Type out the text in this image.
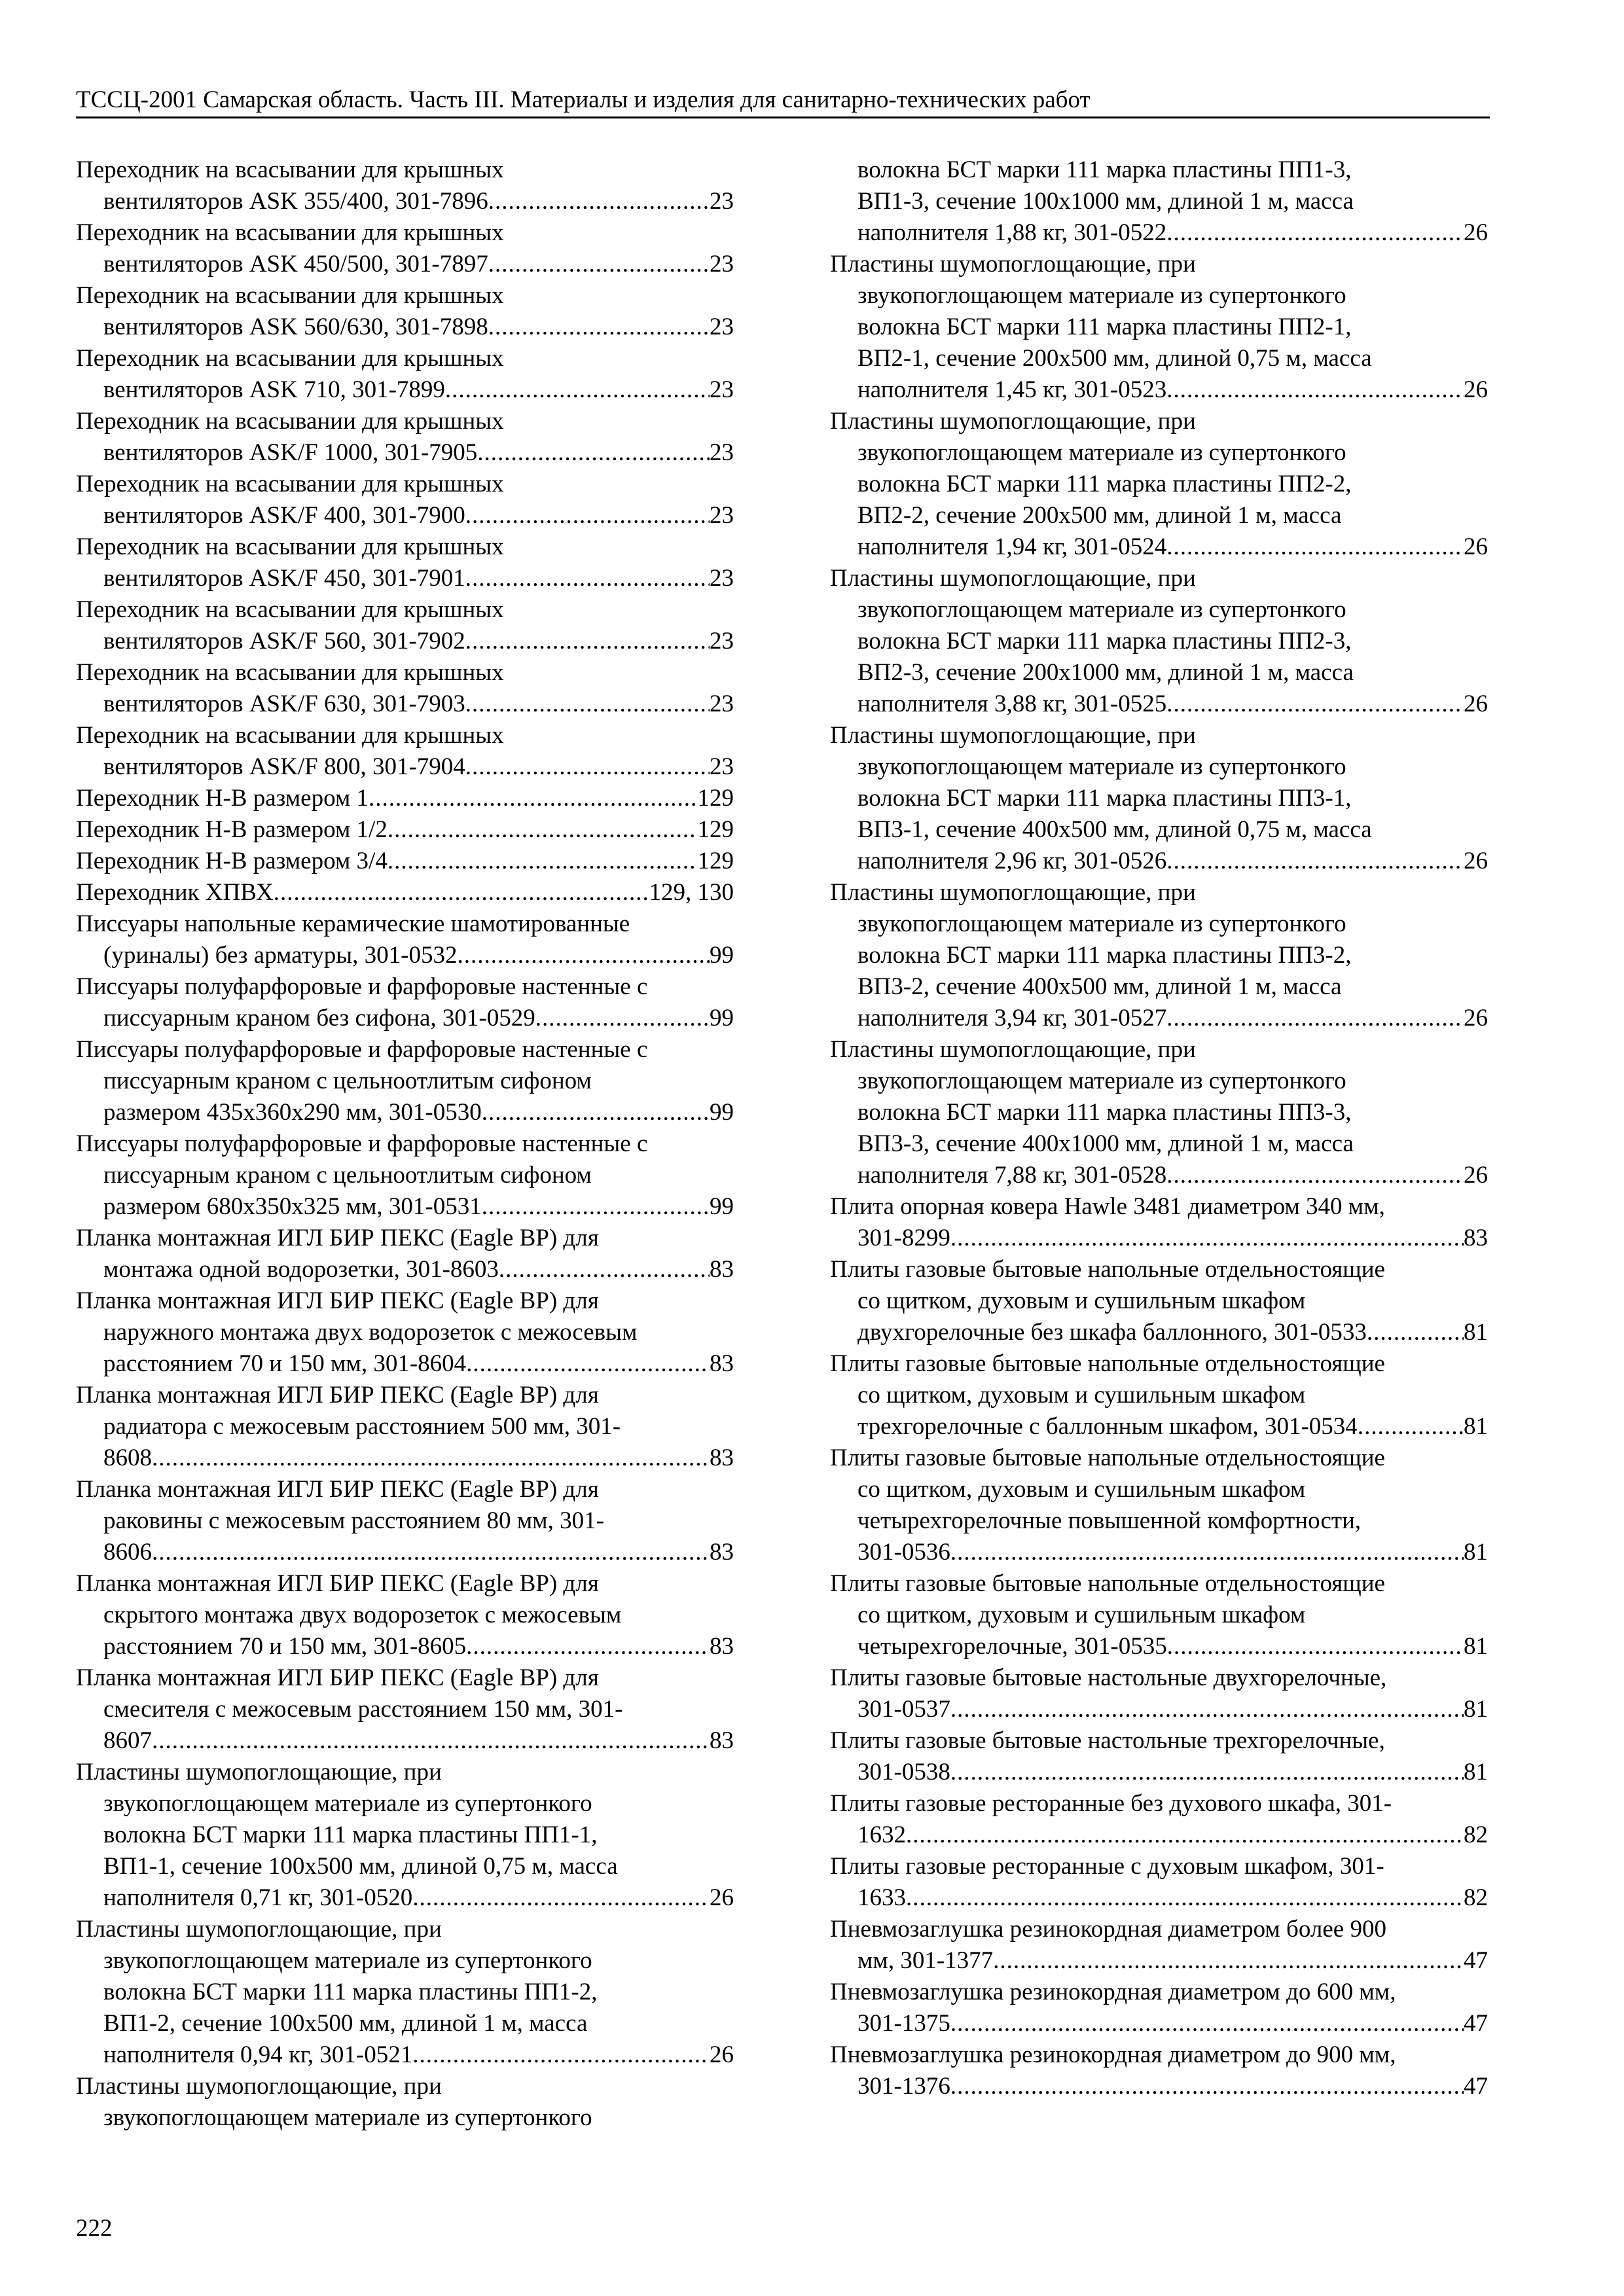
ТССЦ-2001 Самарская область. Часть III. Материалы и изделия для санитарно-технических работ
Переходник на всасывании для крышных
вентиляторов ASK 355/400, 301-7896 .....	23
Переходник на всасывании для крышных
вентиляторов ASK 450/500, 301-7897 .....	23
Переходник на всасывании для крышных
вентиляторов ASK 560/630, 301-7898 .....	23
Переходник на всасывании для крышных
вентиляторов ASK 710, 301-7899 .....	23
Переходник на всасывании для крышных
вентиляторов ASK/F 1000, 301-7905 .....	23
Переходник на всасывании для крышных
вентиляторов ASK/F 400, 301-7900 .....	23
Переходник на всасывании для крышных
вентиляторов ASK/F 450, 301-7901 .....	23
Переходник на всасывании для крышных
вентиляторов ASK/F 560, 301-7902 .....	23
Переходник на всасывании для крышных
вентиляторов ASK/F 630, 301-7903 .....	23
Переходник на всасывании для крышных
вентиляторов ASK/F 800, 301-7904 .....	23
Переходник Н-В размером 1 .....	129
Переходник Н-В размером 1/2 .....	129
Переходник Н-В размером 3/4 .....	129
Переходник ХПВХ .....	129, 130
Писсуары напольные керамические шамотированные
(уриналы) без арматуры, 301-0532 .....	99
Писсуары полуфарфоровые и фарфоровые настенные с
писсуарным краном без сифона, 301-0529 .....	99
Писсуары полуфарфоровые и фарфоровые настенные с
писсуарным краном с цельноотлитым сифоном
размером 435х360х290 мм, 301-0530 .....	99
Писсуары полуфарфоровые и фарфоровые настенные с
писсуарным краном с цельноотлитым сифоном
размером 680х350х325 мм, 301-0531 .....	99
Планка монтажная ИГЛ БИР ПЕКС (Eagle BP) для
монтажа одной водорозетки, 301-8603 .....	83
Планка монтажная ИГЛ БИР ПЕКС (Eagle BP) для
наружного монтажа двух водорозеток с межосевым
расстоянием 70 и 150 мм, 301-8604 .....	83
Планка монтажная ИГЛ БИР ПЕКС (Eagle BP) для
радиатора с межосевым расстоянием 500 мм, 301-
8608 .....	83
Планка монтажная ИГЛ БИР ПЕКС (Eagle BP) для
раковины с межосевым расстоянием 80 мм, 301-
8606 .....	83
Планка монтажная ИГЛ БИР ПЕКС (Eagle BP) для
скрытого монтажа двух водорозеток с межосевым
расстоянием 70 и 150 мм, 301-8605 .....	83
Планка монтажная ИГЛ БИР ПЕКС (Eagle BP) для
смесителя с межосевым расстоянием 150 мм, 301-
8607 .....	83
Пластины шумопоглощающие, при
звукопоглощающем материале из супертонкого
волокна БСТ марки 111 марка пластины ПП1-1,
ВП1-1, сечение 100х500 мм, длиной 0,75 м, масса
наполнителя 0,71 кг, 301-0520 .....	26
Пластины шумопоглощающие, при
звукопоглощающем материале из супертонкого
волокна БСТ марки 111 марка пластины ПП1-2,
ВП1-2, сечение 100х500 мм, длиной 1 м, масса
наполнителя 0,94 кг, 301-0521 .....	26
Пластины шумопоглощающие, при
звукопоглощающем материале из супертонкого
волокна БСТ марки 111 марка пластины ПП1-3,
ВП1-3, сечение 100х1000 мм, длиной 1 м, масса
наполнителя 1,88 кг, 301-0522 .....	26
Пластины шумопоглощающие, при
звукопоглощающем материале из супертонкого
волокна БСТ марки 111 марка пластины ПП2-1,
ВП2-1, сечение 200х500 мм, длиной 0,75 м, масса
наполнителя 1,45 кг, 301-0523 .....	26
Пластины шумопоглощающие, при
звукопоглощающем материале из супертонкого
волокна БСТ марки 111 марка пластины ПП2-2,
ВП2-2, сечение 200х500 мм, длиной 1 м, масса
наполнителя 1,94 кг, 301-0524 .....	26
Пластины шумопоглощающие, при
звукопоглощающем материале из супертонкого
волокна БСТ марки 111 марка пластины ПП2-3,
ВП2-3, сечение 200х1000 мм, длиной 1 м, масса
наполнителя 3,88 кг, 301-0525 .....	26
Пластины шумопоглощающие, при
звукопоглощающем материале из супертонкого
волокна БСТ марки 111 марка пластины ПП3-1,
ВП3-1, сечение 400х500 мм, длиной 0,75 м, масса
наполнителя 2,96 кг, 301-0526 .....	26
Пластины шумопоглощающие, при
звукопоглощающем материале из супертонкого
волокна БСТ марки 111 марка пластины ПП3-2,
ВП3-2, сечение 400х500 мм, длиной 1 м, масса
наполнителя 3,94 кг, 301-0527 .....	26
Пластины шумопоглощающие, при
звукопоглощающем материале из супертонкого
волокна БСТ марки 111 марка пластины ПП3-3,
ВП3-3, сечение 400х1000 мм, длиной 1 м, масса
наполнителя 7,88 кг, 301-0528 .....	26
Плита опорная ковера Hawle 3481 диаметром 340 мм,
301-8299 .....	83
Плиты газовые бытовые напольные отдельностоящие
со щитком, духовым и сушильным шкафом
двухгорелочные без шкафа баллонного, 301-0533 .....	81
Плиты газовые бытовые напольные отдельностоящие
со щитком, духовым и сушильным шкафом
трехгорелочные с баллонным шкафом, 301-0534 .....	81
Плиты газовые бытовые напольные отдельностоящие
со щитком, духовым и сушильным шкафом
четырехгорелочные повышенной комфортности,
301-0536 .....	81
Плиты газовые бытовые напольные отдельностоящие
со щитком, духовым и сушильным шкафом
четырехгорелочные, 301-0535 .....	81
Плиты газовые бытовые настольные двухгорелочные,
301-0537 .....	81
Плиты газовые бытовые настольные трехгорелочные,
301-0538 .....	81
Плиты газовые ресторанные без духового шкафа, 301-
1632 .....	82
Плиты газовые ресторанные с духовым шкафом, 301-
1633 .....	82
Пневмозаглушка резинокордная диаметром более 900
мм, 301-1377 .....	47
Пневмозаглушка резинокордная диаметром до 600 мм,
301-1375 .....	47
Пневмозаглушка резинокордная диаметром до 900 мм,
301-1376 .....	47
222
